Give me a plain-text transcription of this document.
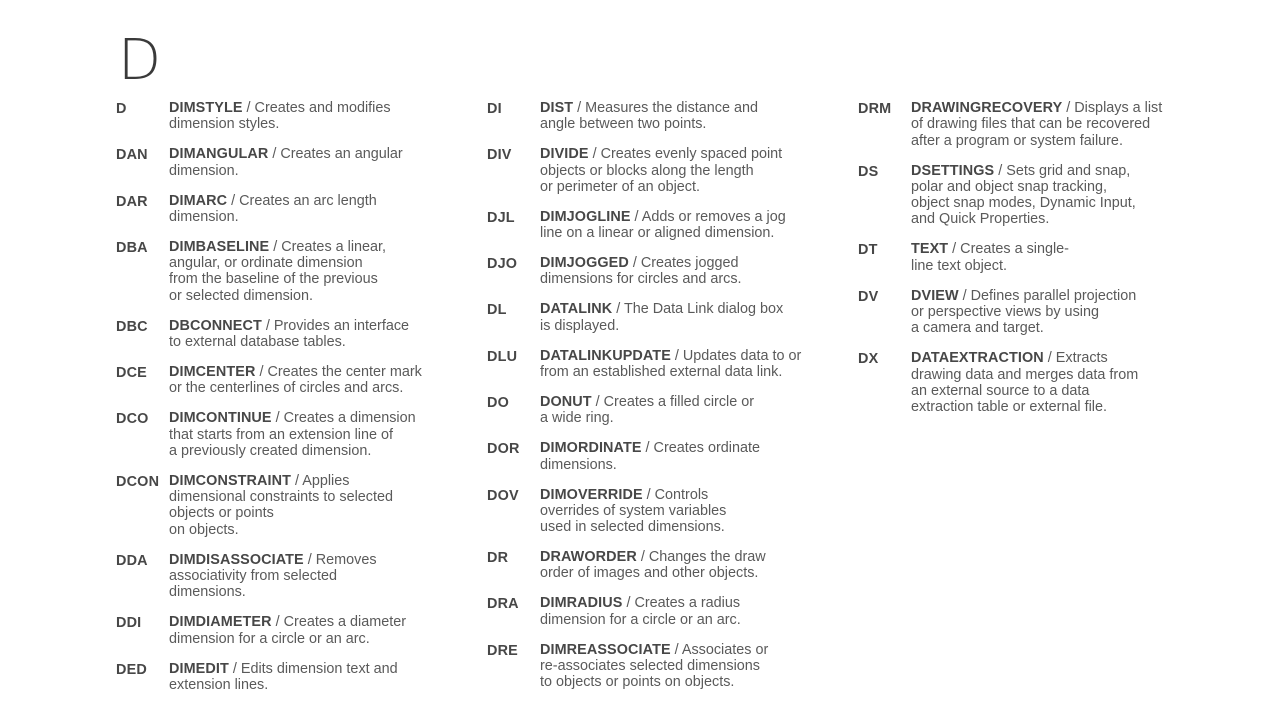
D
D	DIMSTYLE / Creates and modifies
dimension styles.
DAN	DIMANGULAR / Creates an angular
dimension.
DAR	DIMARC / Creates an arc length
dimension.
DBA	DIMBASELINE / Creates a linear,
angular, or ordinate dimension
from the baseline of the previous
or selected dimension.
DBC	DBCONNECT / Provides an interface
to external database tables.
DCE	DIMCENTER / Creates the center mark
or the centerlines of circles and arcs.
DCO	DIMCONTINUE / Creates a dimension
that starts from an extension line of
a previously created dimension.
DCON DIMCONSTRAINT / Applies
dimensional constraints to selected
objects or points
on objects.
DDA	DIMDISASSOCIATE / Removes
associativity from selected
dimensions.
DDI	DIMDIAMETER / Creates a diameter
dimension for a circle or an arc.
DED	DIMEDIT / Edits dimension text and
extension lines.
DI	DIST / Measures the distance and
angle between two points.
DIV	DIVIDE / Creates evenly spaced point
objects or blocks along the length
or perimeter of an object.
DJL	DIMJOGLINE / Adds or removes a jog
line on a linear or aligned dimension.
DJO	DIMJOGGED / Creates jogged
dimensions for circles and arcs.
DL	DATALINK / The Data Link dialog box
is displayed.
DLU	DATALINKUPDATE / Updates data to or
from an established external data link.
DO	DONUT / Creates a filled circle or
a wide ring.
DOR	DIMORDINATE / Creates ordinate
dimensions.
DOV	DIMOVERRIDE / Controls
overrides of system variables
used in selected dimensions.
DR	DRAWORDER / Changes the draw
order of images and other objects.
DRA	DIMRADIUS / Creates a radius
dimension for a circle or an arc.
DRE	DIMREASSOCIATE / Associates or
re-associates selected dimensions
to objects or points on objects.
DRM	DRAWINGRECOVERY / Displays a list
of drawing files that can be recovered
after a program or system failure.
DS	DSETTINGS / Sets grid and snap,
polar and object snap tracking,
object snap modes, Dynamic Input,
and Quick Properties.
DT	TEXT / Creates a single-
line text object.
DV	DVIEW / Defines parallel projection
or perspective views by using
a camera and target.
DX	DATAEXTRACTION / Extracts
drawing data and merges data from
an external source to a data
extraction table or external file.
